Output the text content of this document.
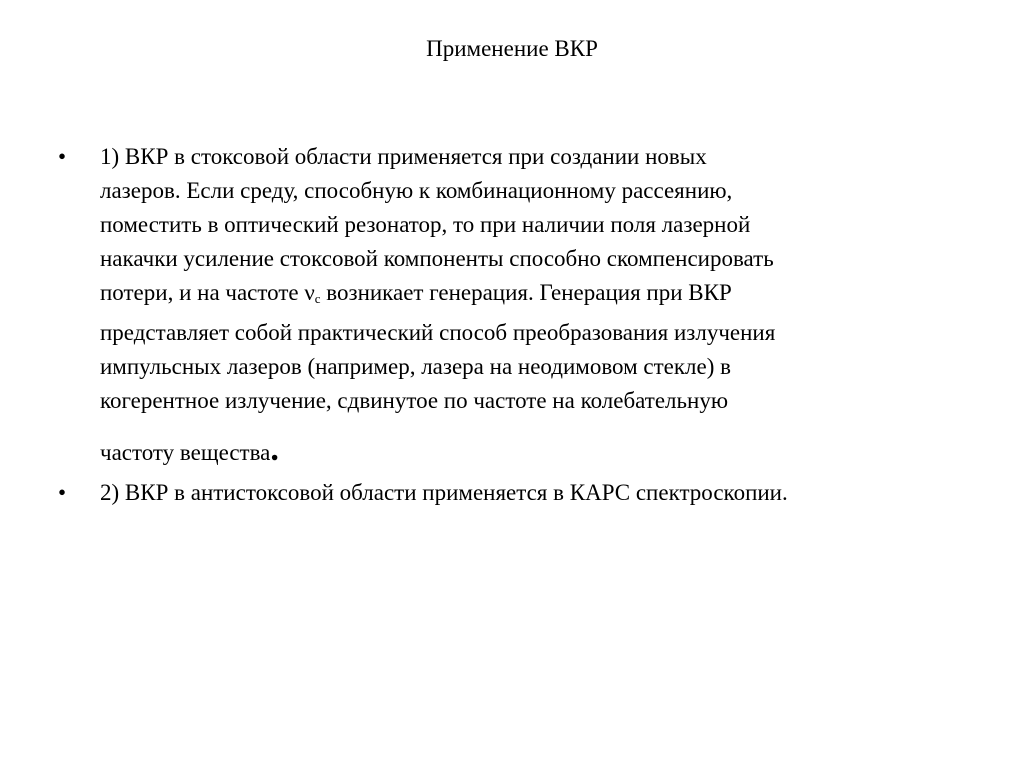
Применение ВКР
•	1) ВКР в стоксовой области применяется при создании новых
лазеров. Если среду, способную к комбинационному рассеянию,
поместить в оптический резонатор, то при наличии поля лазерной
накачки усиление стоксовой компоненты способно скомпенсировать
потери, и на частоте νc возникает генерация. Генерация при ВКР
представляет собой практический способ преобразования излучения
импульсных лазеров (например, лазера на неодимовом стекле) в
когерентное излучение, сдвинутое по частоте на колебательную
частоту вещества.
•	2) ВКР в антистоксовой области применяется в КАРС спектроскопии.
